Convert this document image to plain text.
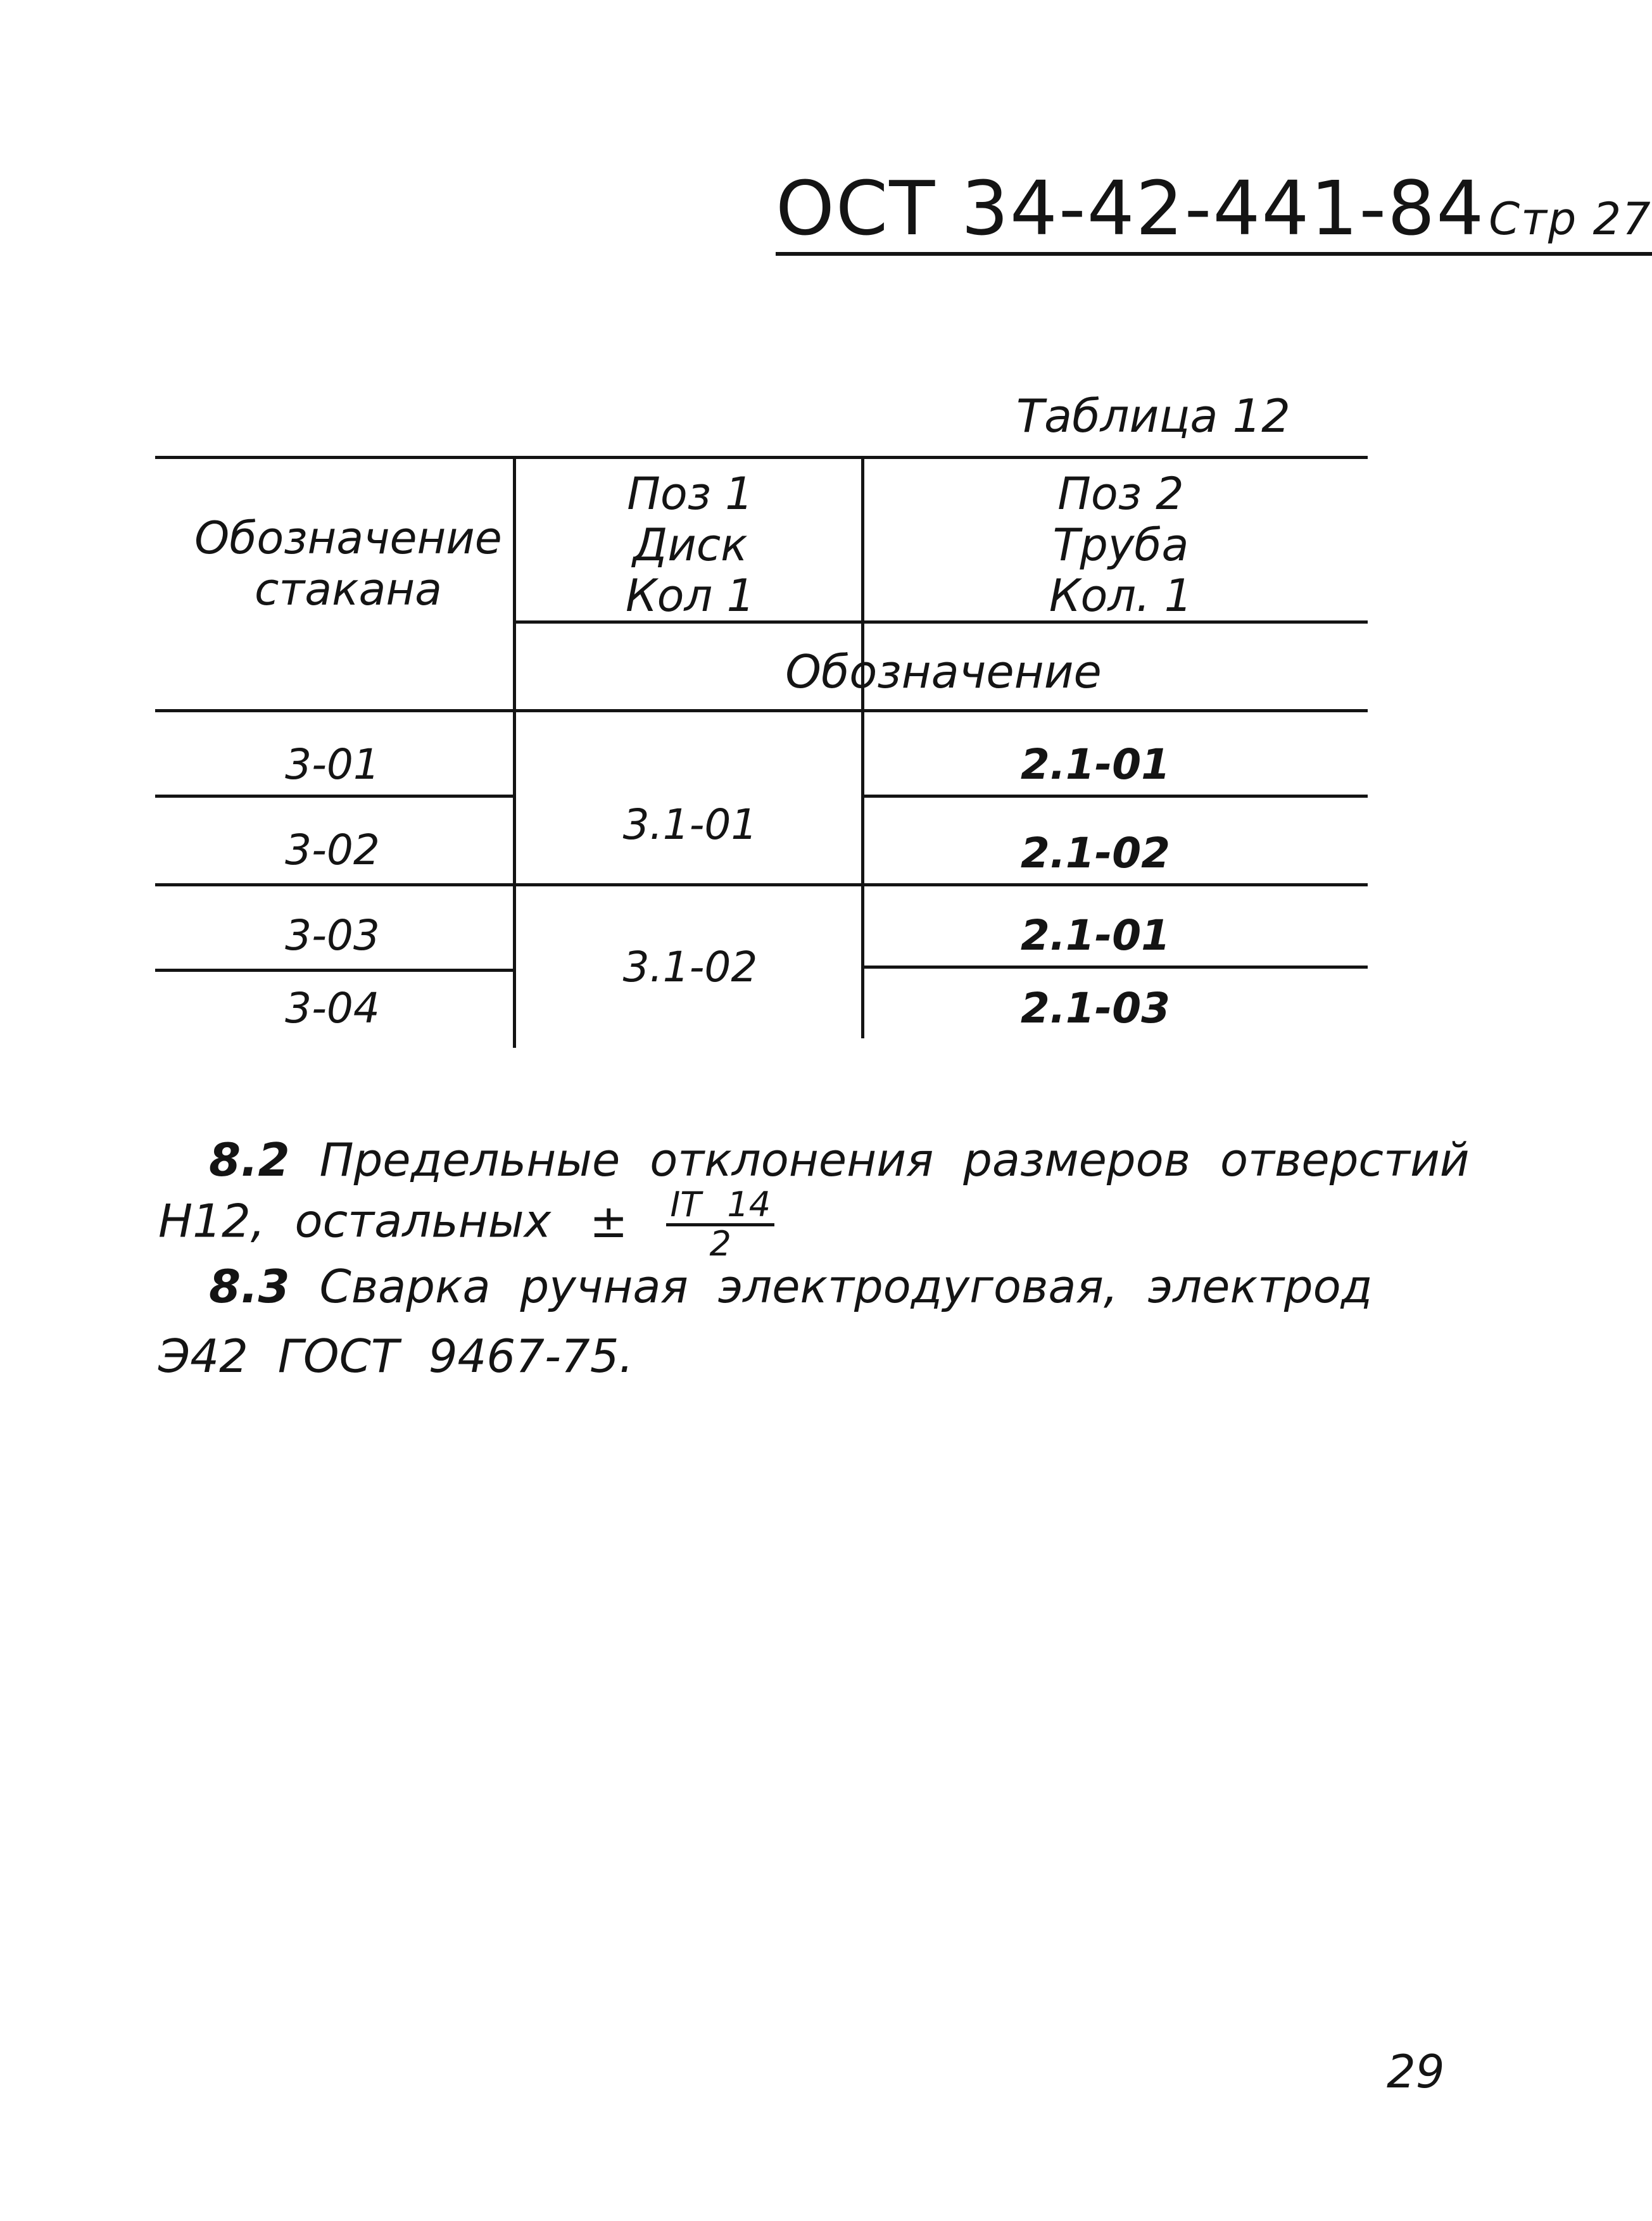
ОСТ 34-42-441-84Стр 27
Таблица 12
Обозначение
стакана
Поз 1
Диск
Кол 1
Поз 2
Труба
Кол. 1
Обозначение
3-01
3-02
3-03
3-04
3.1-01
3.1-02
2.1-01
2.1-02
2.1-01
2.1-03
8.2 Предельные отклонения размеров отверстий
Н12, остальных ± $\frac{IT 14}{2}$
8.3 Сварка ручная электродуговая, электрод
Э42 ГОСТ 9467-75.
29
